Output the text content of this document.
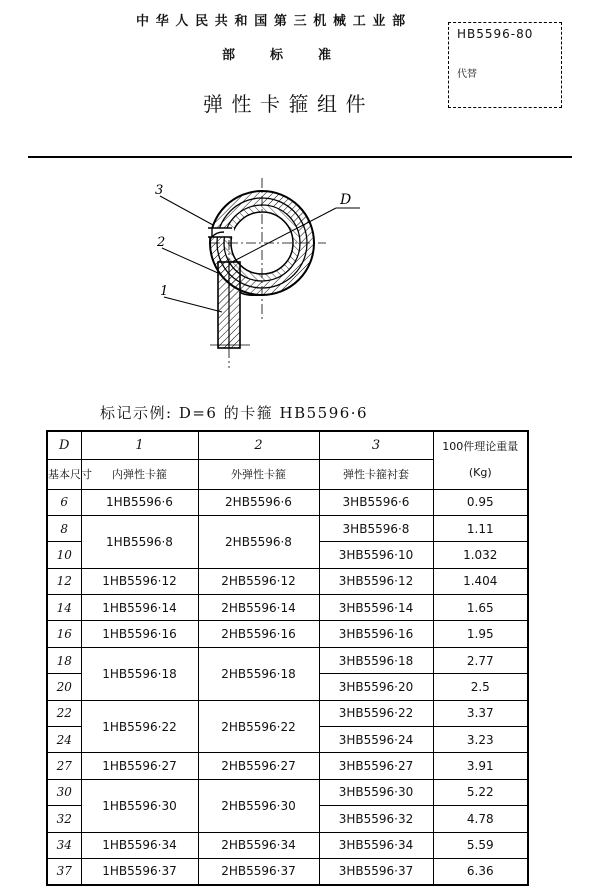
中华人民共和国第三机械工业部
部标准
弹性卡箍组件
HB5596-80
代替
D
3
2
1
标记示例: D=6 的卡箍 HB5596·6
D	1	2	3	100件理论重量
(Kg)

基本尺寸	内弹性卡箍	外弹性卡箍	弹性卡箍衬套	
6	1HB5596·6	2HB5596·6	3HB5596·6	0.95
8	1HB5596·8	2HB5596·8	3HB5596·8	1.11
10			3HB5596·10	1.032
12	1HB5596·12	2HB5596·12	3HB5596·12	1.404
14	1HB5596·14	2HB5596·14	3HB5596·14	1.65
16	1HB5596·16	2HB5596·16	3HB5596·16	1.95
18	1HB5596·18	2HB5596·18	3HB5596·18	2.77
20			3HB5596·20	2.5
22	1HB5596·22	2HB5596·22	3HB5596·22	3.37
24			3HB5596·24	3.23
27	1HB5596·27	2HB5596·27	3HB5596·27	3.91
30	1HB5596·30	2HB5596·30	3HB5596·30	5.22
32			3HB5596·32	4.78
34	1HB5596·34	2HB5596·34	3HB5596·34	5.59
37	1HB5596·37	2HB5596·37	3HB5596·37	6.36
